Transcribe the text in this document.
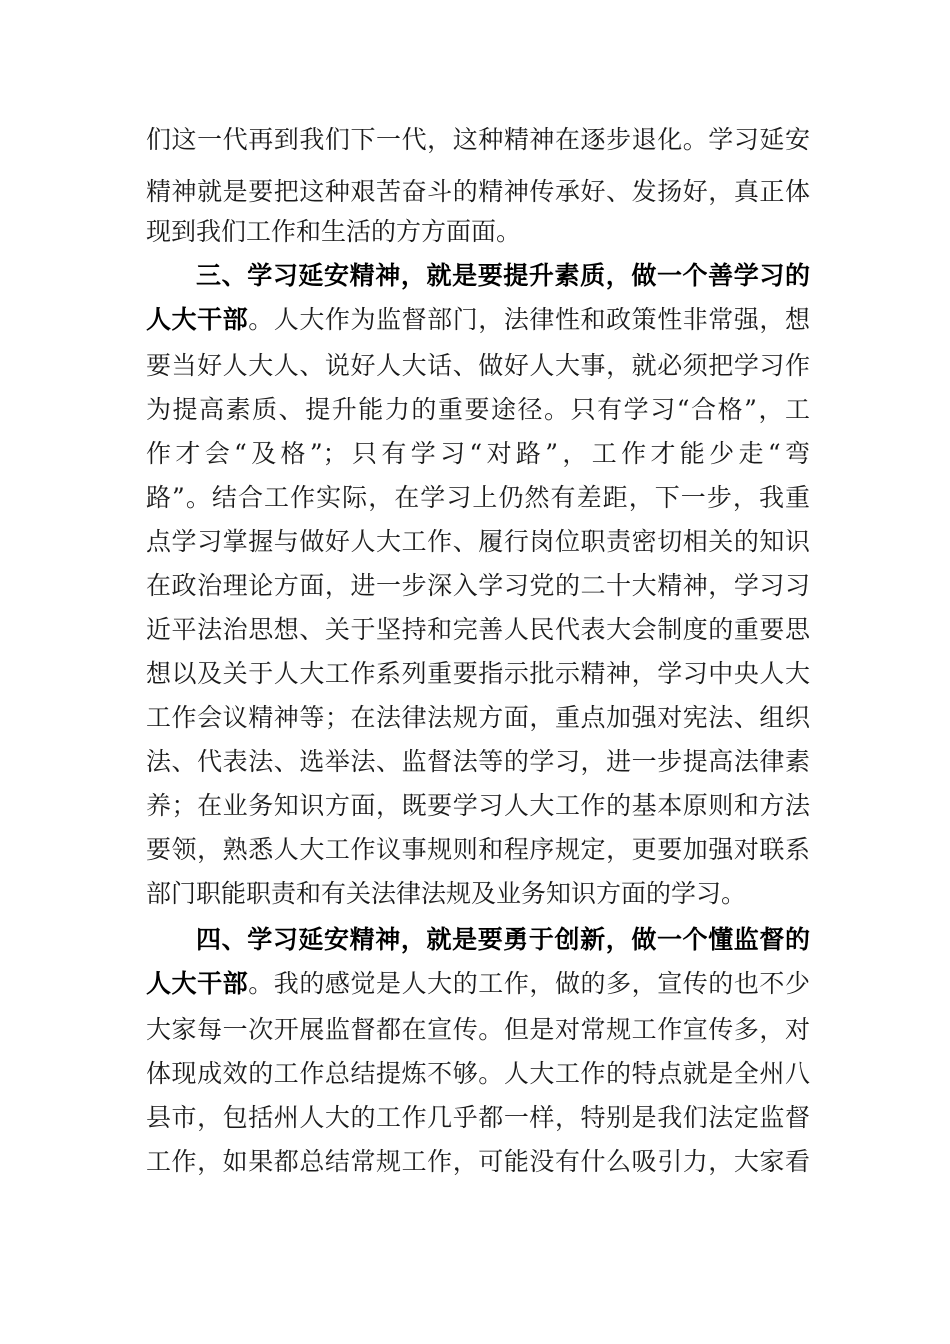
们这一代再到我们下一代，这种精神在逐步退化。学习延安
精神就是要把这种艰苦奋斗的精神传承好、发扬好，真正体
现到我们工作和生活的方方面面。
三、学习延安精神，就是要提升素质，做一个善学习的
人大干部。人大作为监督部门，法律性和政策性非常强，想
要当好人大人、说好人大话、做好人大事，就必须把学习作
为提高素质、提升能力的重要途径。只有学习“合格”，工
作才会“及格”；只有学习“对路”，工作才能少走“弯
路”。结合工作实际，在学习上仍然有差距，下一步，我重
点学习掌握与做好人大工作、履行岗位职责密切相关的知识
在政治理论方面，进一步深入学习党的二十大精神，学习习
近平法治思想、关于坚持和完善人民代表大会制度的重要思
想以及关于人大工作系列重要指示批示精神，学习中央人大
工作会议精神等；在法律法规方面，重点加强对宪法、组织
法、代表法、选举法、监督法等的学习，进一步提高法律素
养；在业务知识方面，既要学习人大工作的基本原则和方法
要领，熟悉人大工作议事规则和程序规定，更要加强对联系
部门职能职责和有关法律法规及业务知识方面的学习。
四、学习延安精神，就是要勇于创新，做一个懂监督的
人大干部。我的感觉是人大的工作，做的多，宣传的也不少
大家每一次开展监督都在宣传。但是对常规工作宣传多，对
体现成效的工作总结提炼不够。人大工作的特点就是全州八
县市，包括州人大的工作几乎都一样，特别是我们法定监督
工作，如果都总结常规工作，可能没有什么吸引力，大家看
